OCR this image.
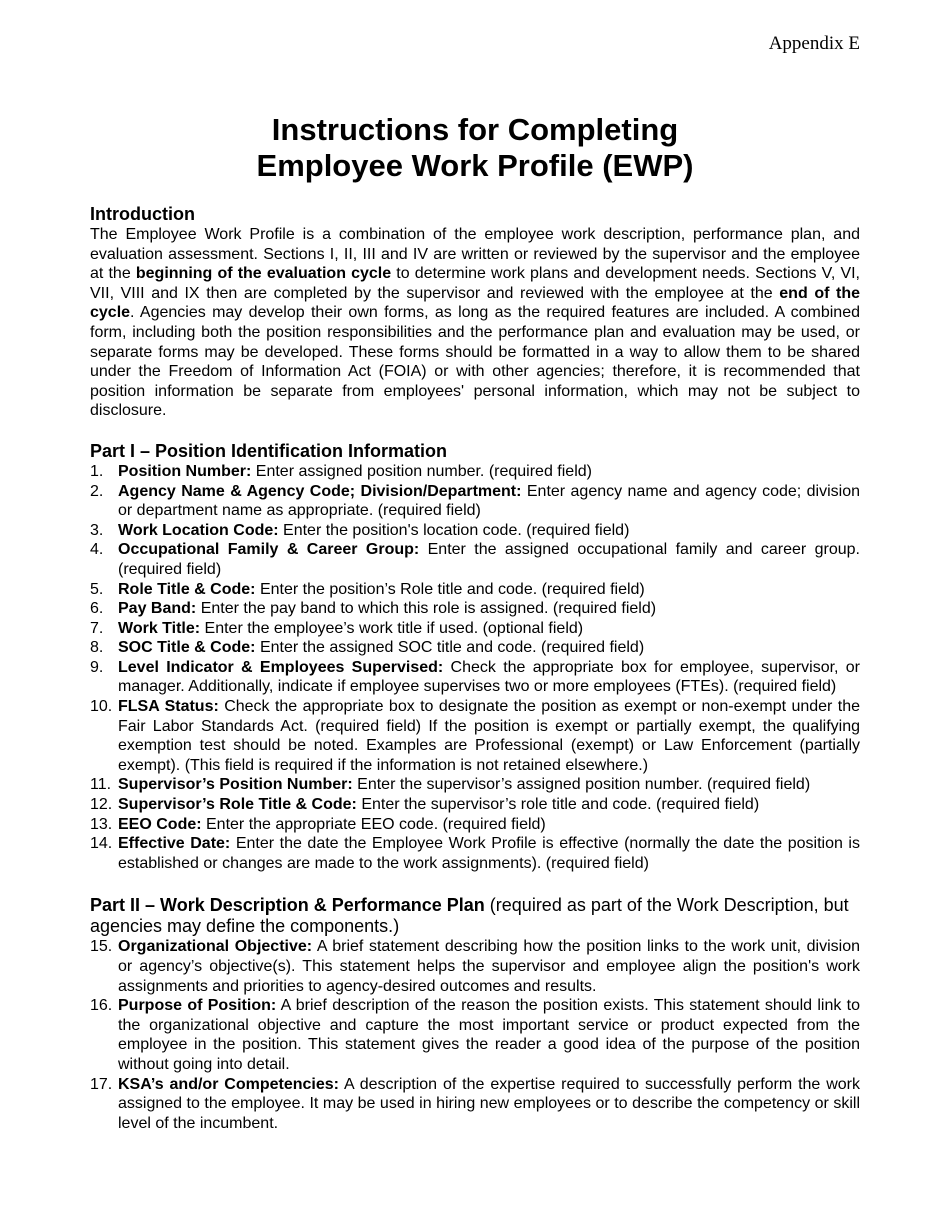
Appendix E
Instructions for Completing
Employee Work Profile (EWP)
Introduction

The Employee Work Profile is a combination of the employee work description, performance plan, and evaluation assessment. Sections I, II, III and IV are written or reviewed by the supervisor and the employee at the beginning of the evaluation cycle to determine work plans and development needs. Sections V, VI, VII, VIII and IX then are completed by the supervisor and reviewed with the employee at the end of the cycle. Agencies may develop their own forms, as long as the required features are included. A combined form, including both the position responsibilities and the performance plan and evaluation may be used, or separate forms may be developed. These forms should be formatted in a way to allow them to be shared under the Freedom of Information Act (FOIA) or with other agencies; therefore, it is recommended that position information be separate from employees' personal information, which may not be subject to disclosure.

Part I – Position Identification Information
1. Position Number: Enter assigned position number. (required field)
2. Agency Name & Agency Code; Division/Department: Enter agency name and agency code; division or department name as appropriate. (required field)
3. Work Location Code: Enter the position's location code. (required field)
4. Occupational Family & Career Group: Enter the assigned occupational family and career group. (required field)
5. Role Title & Code: Enter the position’s Role title and code. (required field)
6. Pay Band: Enter the pay band to which this role is assigned. (required field)
7. Work Title: Enter the employee’s work title if used. (optional field)
8. SOC Title & Code: Enter the assigned SOC title and code. (required field)
9. Level Indicator & Employees Supervised: Check the appropriate box for employee, supervisor, or manager. Additionally, indicate if employee supervises two or more employees (FTEs). (required field)
10. FLSA Status: Check the appropriate box to designate the position as exempt or non-exempt under the Fair Labor Standards Act. (required field) If the position is exempt or partially exempt, the qualifying exemption test should be noted. Examples are Professional (exempt) or Law Enforcement (partially exempt). (This field is required if the information is not retained elsewhere.)
11. Supervisor’s Position Number: Enter the supervisor’s assigned position number. (required field)
12. Supervisor’s Role Title & Code: Enter the supervisor’s role title and code. (required field)
13. EEO Code: Enter the appropriate EEO code. (required field)
14. Effective Date: Enter the date the Employee Work Profile is effective (normally the date the position is established or changes are made to the work assignments). (required field)
Part II – Work Description & Performance Plan (required as part of the Work Description, but agencies may define the components.)
15. Organizational Objective: A brief statement describing how the position links to the work unit, division or agency’s objective(s). This statement helps the supervisor and employee align the position's work assignments and priorities to agency-desired outcomes and results.
16. Purpose of Position: A brief description of the reason the position exists. This statement should link to the organizational objective and capture the most important service or product expected from the employee in the position. This statement gives the reader a good idea of the purpose of the position without going into detail.
17. KSA’s and/or Competencies: A description of the expertise required to successfully perform the work assigned to the employee. It may be used in hiring new employees or to describe the competency or skill level of the incumbent.
